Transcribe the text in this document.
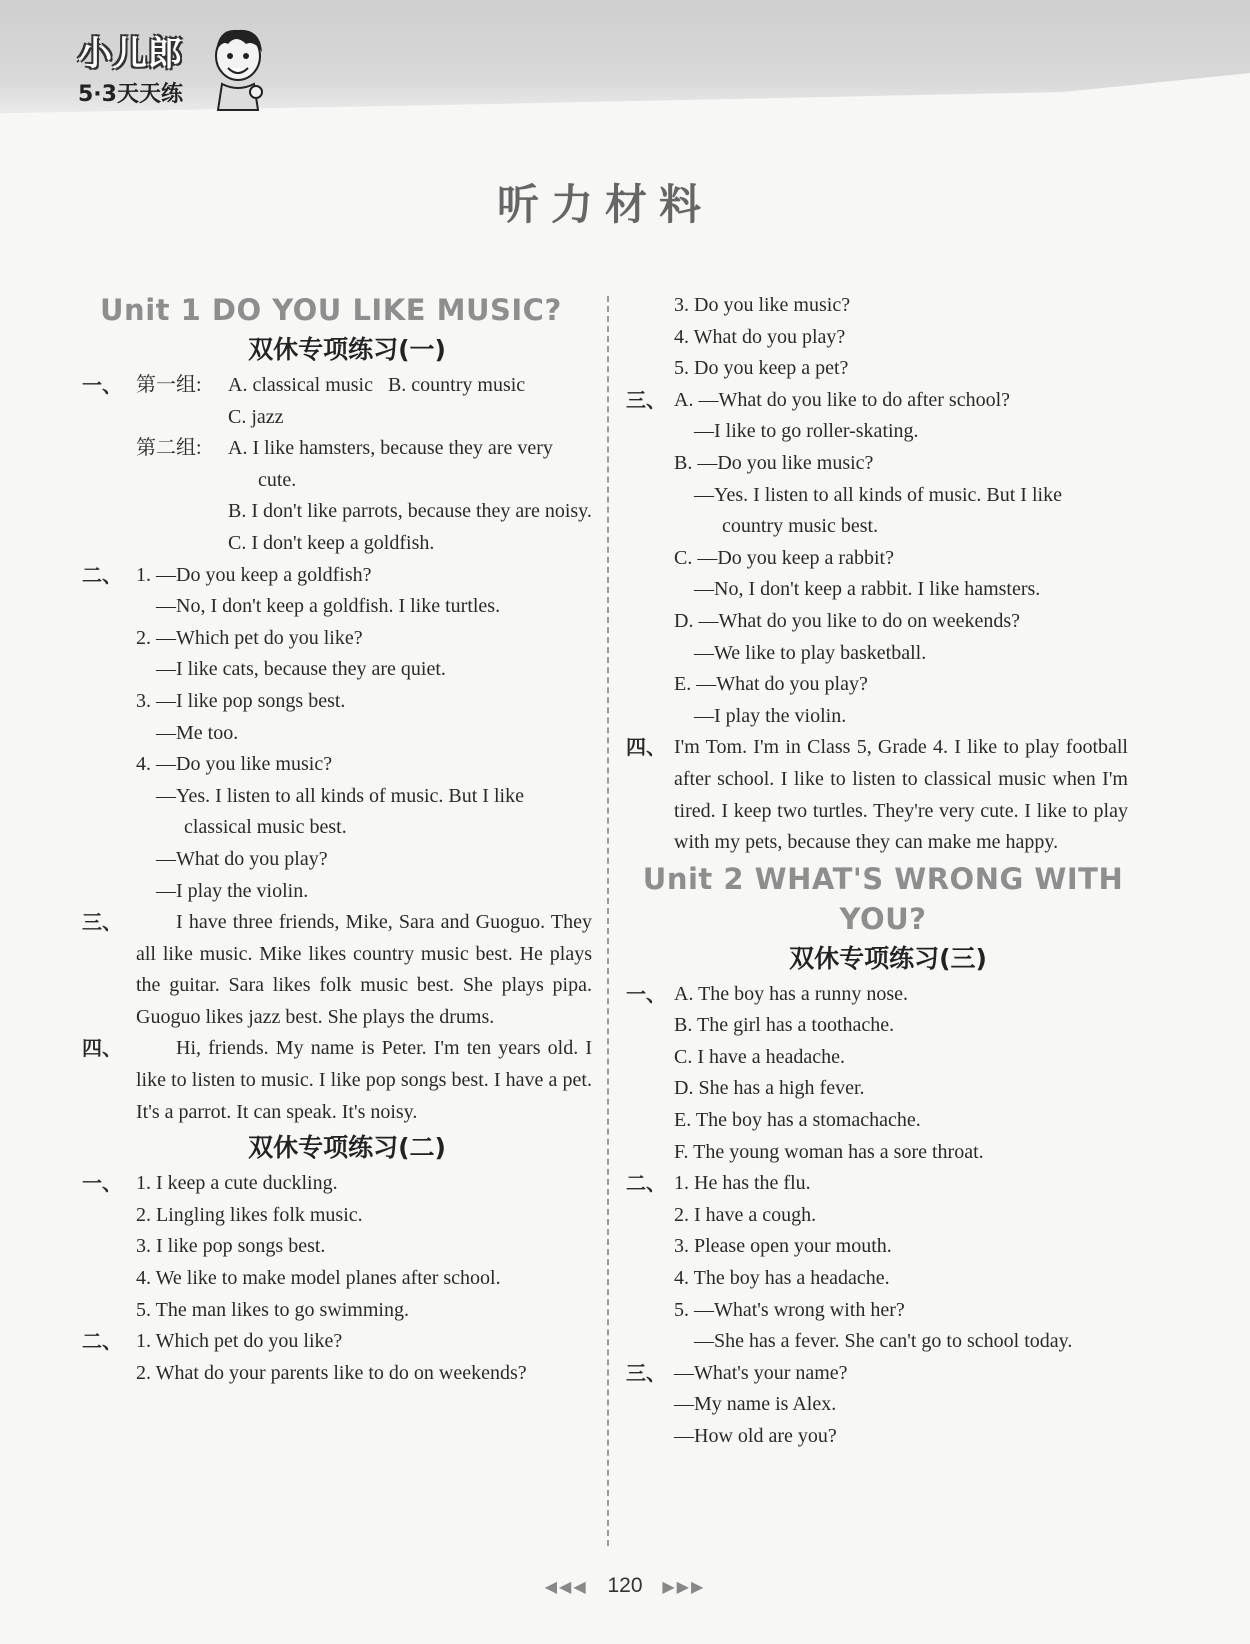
小儿郎
5·3天天练
听力材料
Unit 1 DO YOU LIKE MUSIC?
双休专项练习(一)
一、 第一组: A. classical music   B. country music
C. jazz
第二组: A. I like hamsters, because they are very cute.
B. I don't like parrots, because they are noisy.
C. I don't keep a goldfish.
二、 1. —Do you keep a goldfish?
—No, I don't keep a goldfish. I like turtles.
2. —Which pet do you like?
—I like cats, because they are quiet.
3. —I like pop songs best.
—Me too.
4. —Do you like music?
—Yes. I listen to all kinds of music. But I like classical music best.
—What do you play?
—I play the violin.
三、	I have three friends, Mike, Sara and Guoguo. They all like music. Mike likes country music best. He plays the guitar. Sara likes folk music best. She plays pipa. Guoguo likes jazz best. She plays the drums.
四、	Hi, friends. My name is Peter. I'm ten years old. I like to listen to music. I like pop songs best. I have a pet. It's a parrot. It can speak. It's noisy.
双休专项练习(二)
一、 1. I keep a cute duckling.
2. Lingling likes folk music.
3. I like pop songs best.
4. We like to make model planes after school.
5. The man likes to go swimming.
二、 1. Which pet do you like?
2. What do your parents like to do on weekends?
3. Do you like music?
4. What do you play?
5. Do you keep a pet?
三、 A. —What do you like to do after school?
—I like to go roller-skating.
B. —Do you like music?
—Yes. I listen to all kinds of music. But I like country music best.
C. —Do you keep a rabbit?
—No, I don't keep a rabbit. I like hamsters.
D. —What do you like to do on weekends?
—We like to play basketball.
E. —What do you play?
—I play the violin.
四、 I'm Tom. I'm in Class 5, Grade 4. I like to play football after school. I like to listen to classical music when I'm tired. I keep two turtles. They're very cute. I like to play with my pets, because they can make me happy.
Unit 2 WHAT'S WRONG WITH YOU?
双休专项练习(三)
一、 A. The boy has a runny nose.
B. The girl has a toothache.
C. I have a headache.
D. She has a high fever.
E. The boy has a stomachache.
F. The young woman has a sore throat.
二、 1. He has the flu.
2. I have a cough.
3. Please open your mouth.
4. The boy has a headache.
5. —What's wrong with her?
—She has a fever. She can't go to school today.
三、 —What's your name?
—My name is Alex.
—How old are you?
◀◀◀ 120 ▶▶▶
